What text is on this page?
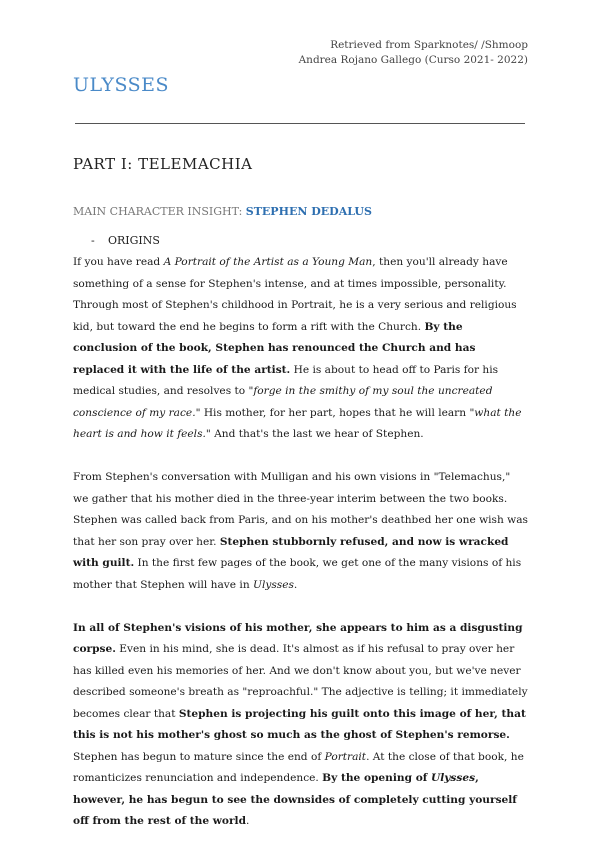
Retrieved from Sparknotes/ /Shmoop
Andrea Rojano Gallego (Curso 2021- 2022)
ULYSSES
PART I: TELEMACHIA
MAIN CHARACTER INSIGHT: STEPHEN DEDALUS
- ORIGINS

If you have read A Portrait of the Artist as a Young Man, then you'll already have something of a sense for Stephen's intense, and at times impossible, personality. Through most of Stephen's childhood in Portrait, he is a very serious and religious kid, but toward the end he begins to form a rift with the Church. By the conclusion of the book, Stephen has renounced the Church and has replaced it with the life of the artist. He is about to head off to Paris for his medical studies, and resolves to "forge in the smithy of my soul the uncreated conscience of my race." His mother, for her part, hopes that he will learn "what the heart is and how it feels." And that's the last we hear of Stephen.

From Stephen's conversation with Mulligan and his own visions in "Telemachus," we gather that his mother died in the three-year interim between the two books. Stephen was called back from Paris, and on his mother's deathbed her one wish was that her son pray over her. Stephen stubbornly refused, and now is wracked with guilt. In the first few pages of the book, we get one of the many visions of his mother that Stephen will have in Ulysses.

In all of Stephen's visions of his mother, she appears to him as a disgusting corpse. Even in his mind, she is dead. It's almost as if his refusal to pray over her has killed even his memories of her. And we don't know about you, but we've never described someone's breath as "reproachful." The adjective is telling; it immediately becomes clear that Stephen is projecting his guilt onto this image of her, that this is not his mother's ghost so much as the ghost of Stephen's remorse.

Stephen has begun to mature since the end of Portrait. At the close of that book, he romanticizes renunciation and independence. By the opening of Ulysses, however, he has begun to see the downsides of completely cutting yourself off from the rest of the world.
